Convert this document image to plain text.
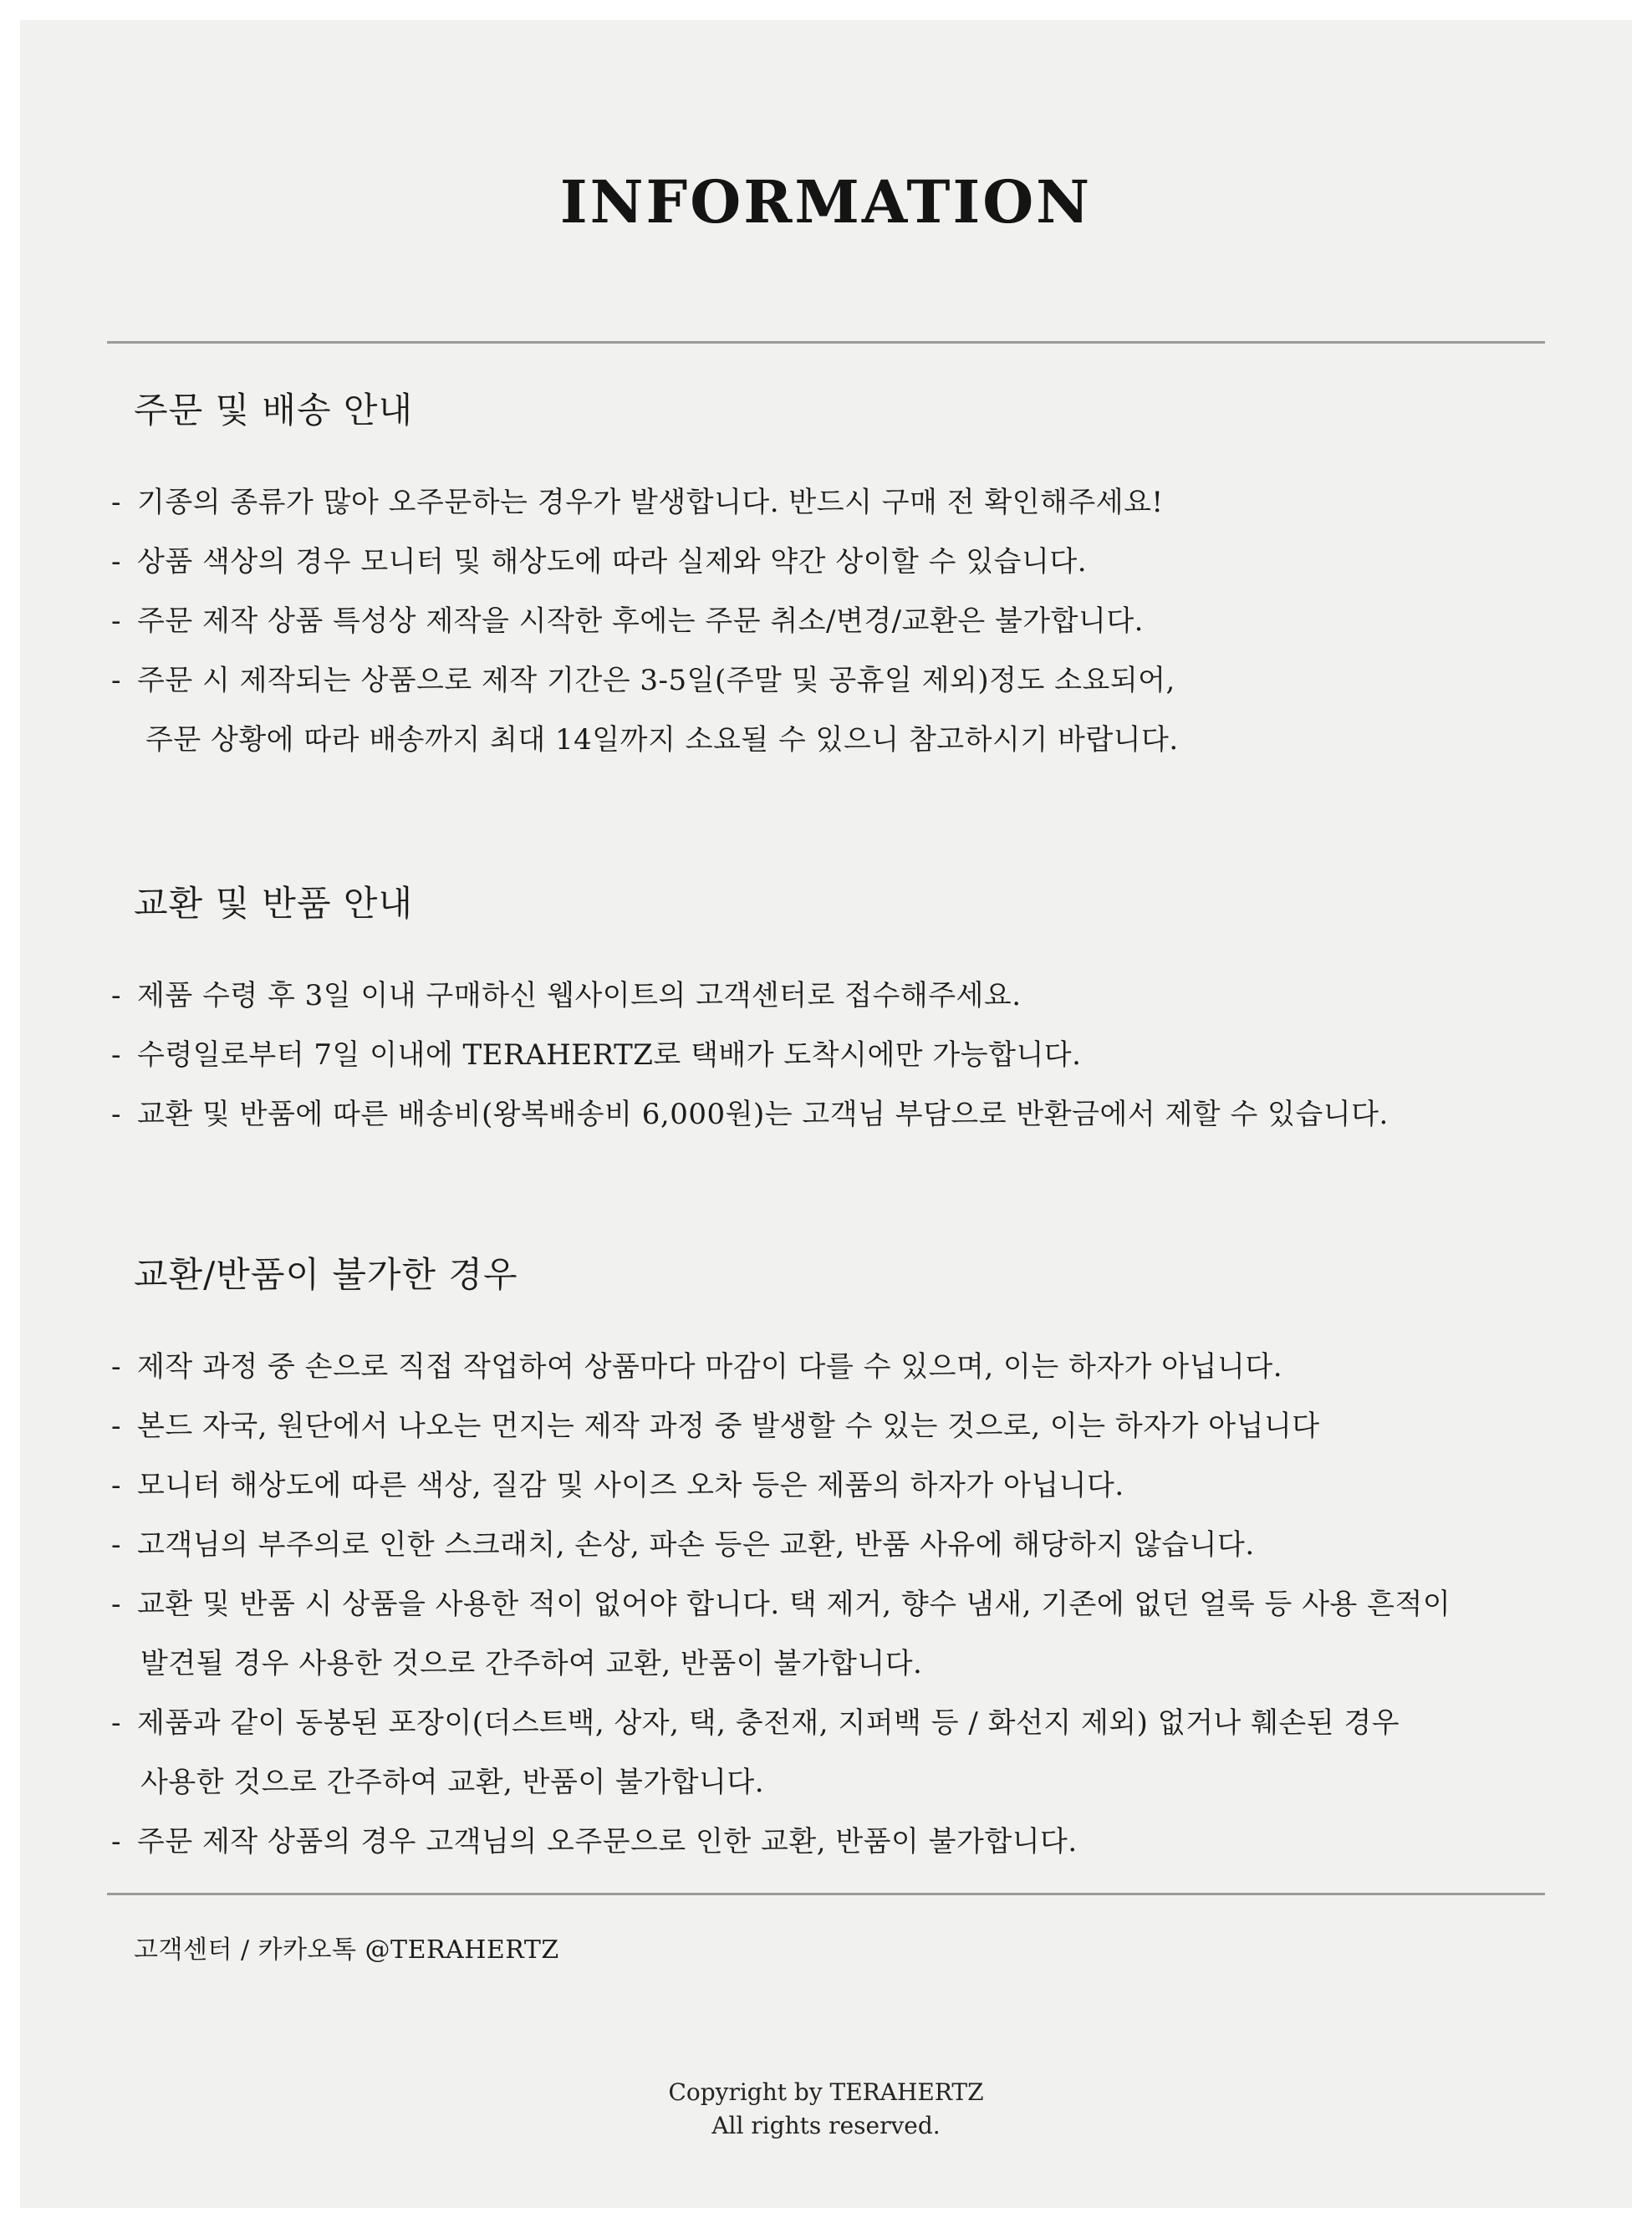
INFORMATION
주문 및 배송 안내
- 기종의 종류가 많아 오주문하는 경우가 발생합니다. 반드시 구매 전 확인해주세요!
- 상품 색상의 경우 모니터 및 해상도에 따라 실제와 약간 상이할 수 있습니다.
- 주문 제작 상품 특성상 제작을 시작한 후에는 주문 취소/변경/교환은 불가합니다.
- 주문 시 제작되는 상품으로 제작 기간은 3-5일(주말 및 공휴일 제외)정도 소요되어,
주문 상황에 따라 배송까지 최대 14일까지 소요될 수 있으니 참고하시기 바랍니다.
교환 및 반품 안내
- 제품 수령 후 3일 이내 구매하신 웹사이트의 고객센터로 접수해주세요.
- 수령일로부터 7일 이내에 TERAHERTZ로 택배가 도착시에만 가능합니다.
- 교환 및 반품에 따른 배송비(왕복배송비 6,000원)는 고객님 부담으로 반환금에서 제할 수 있습니다.
교환/반품이 불가한 경우
- 제작 과정 중 손으로 직접 작업하여 상품마다 마감이 다를 수 있으며, 이는 하자가 아닙니다.
- 본드 자국, 원단에서 나오는 먼지는 제작 과정 중 발생할 수 있는 것으로, 이는 하자가 아닙니다
- 모니터 해상도에 따른 색상, 질감 및 사이즈 오차 등은 제품의 하자가 아닙니다.
- 고객님의 부주의로 인한 스크래치, 손상, 파손 등은 교환, 반품 사유에 해당하지 않습니다.
- 교환 및 반품 시 상품을 사용한 적이 없어야 합니다. 택 제거, 향수 냄새, 기존에 없던 얼룩 등 사용 흔적이
발견될 경우 사용한 것으로 간주하여 교환, 반품이 불가합니다.
- 제품과 같이 동봉된 포장이(더스트백, 상자, 택, 충전재, 지퍼백 등 / 화선지 제외) 없거나 훼손된 경우
사용한 것으로 간주하여 교환, 반품이 불가합니다.
- 주문 제작 상품의 경우 고객님의 오주문으로 인한 교환, 반품이 불가합니다.
고객센터 / 카카오톡 @TERAHERTZ
Copyright by TERAHERTZ
All rights reserved.
